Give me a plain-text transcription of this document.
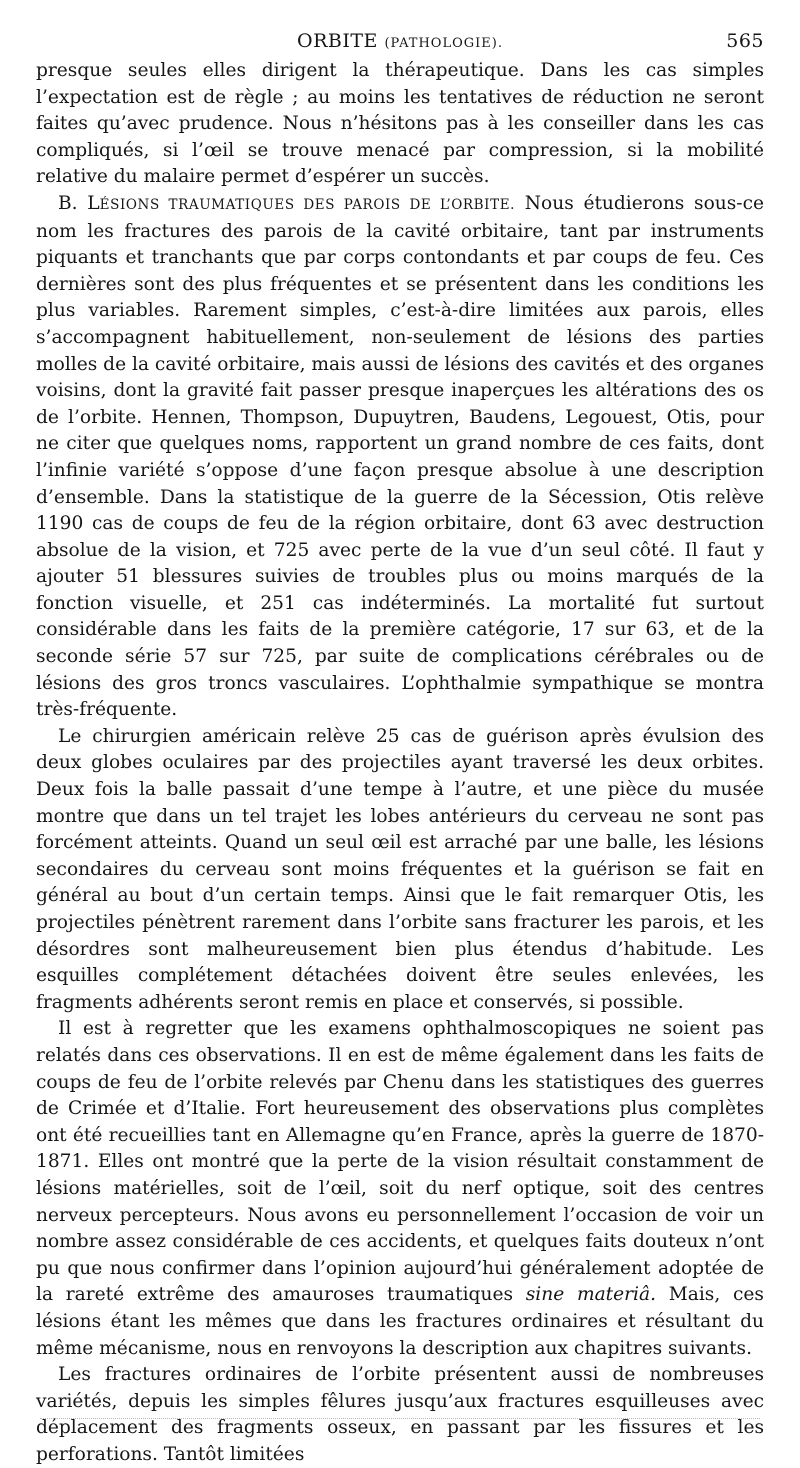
ORBITE (PATHOLOGIE).	565

presque seules elles dirigent la thérapeutique. Dans les cas simples l’expectation est de règle ; au moins les tentatives de réduction ne seront faites qu’avec prudence. Nous n’hésitons pas à les conseiller dans les cas compliqués, si l’œil se trouve menacé par compression, si la mobilité relative du malaire permet d’espérer un succès.

B. LÉSIONS TRAUMATIQUES DES PAROIS DE L’ORBITE. Nous étudierons sous-ce nom les fractures des parois de la cavité orbitaire, tant par instruments piquants et tranchants que par corps contondants et par coups de feu. Ces dernières sont des plus fréquentes et se présentent dans les conditions les plus variables. Rarement simples, c’est-à-dire limitées aux parois, elles s’accompagnent habituellement, non-seulement de lésions des parties molles de la cavité orbitaire, mais aussi de lésions des cavités et des organes voisins, dont la gravité fait passer presque inaperçues les altérations des os de l’orbite. Hennen, Thompson, Dupuytren, Baudens, Legouest, Otis, pour ne citer que quelques noms, rapportent un grand nombre de ces faits, dont l’infinie variété s’oppose d’une façon presque absolue à une description d’ensemble. Dans la statistique de la guerre de la Sécession, Otis relève 1190 cas de coups de feu de la région orbitaire, dont 63 avec destruction absolue de la vision, et 725 avec perte de la vue d’un seul côté. Il faut y ajouter 51 blessures suivies de troubles plus ou moins marqués de la fonction visuelle, et 251 cas indéterminés. La mortalité fut surtout considérable dans les faits de la première catégorie, 17 sur 63, et de la seconde série 57 sur 725, par suite de complications cérébrales ou de lésions des gros troncs vasculaires. L’ophthalmie sympathique se montra très-fréquente.

Le chirurgien américain relève 25 cas de guérison après évulsion des deux globes oculaires par des projectiles ayant traversé les deux orbites. Deux fois la balle passait d’une tempe à l’autre, et une pièce du musée montre que dans un tel trajet les lobes antérieurs du cerveau ne sont pas forcément atteints. Quand un seul œil est arraché par une balle, les lésions secondaires du cerveau sont moins fréquentes et la guérison se fait en général au bout d’un certain temps. Ainsi que le fait remarquer Otis, les projectiles pénètrent rarement dans l’orbite sans fracturer les parois, et les désordres sont malheureusement bien plus étendus d’habitude. Les esquilles complétement détachées doivent être seules enlevées, les fragments adhérents seront remis en place et conservés, si possible.

Il est à regretter que les examens ophthalmoscopiques ne soient pas relatés dans ces observations. Il en est de même également dans les faits de coups de feu de l’orbite relevés par Chenu dans les statistiques des guerres de Crimée et d’Italie. Fort heureusement des observations plus complètes ont été recueillies tant en Allemagne qu’en France, après la guerre de 1870-1871. Elles ont montré que la perte de la vision résultait constamment de lésions matérielles, soit de l’œil, soit du nerf optique, soit des centres nerveux percepteurs. Nous avons eu personnellement l’occasion de voir un nombre assez considérable de ces accidents, et quelques faits douteux n’ont pu que nous confirmer dans l’opinion aujourd’hui généralement adoptée de la rareté extrême des amauroses traumatiques sine materiâ. Mais, ces lésions étant les mêmes que dans les fractures ordinaires et résultant du même mécanisme, nous en renvoyons la description aux chapitres suivants.

Les fractures ordinaires de l’orbite présentent aussi de nombreuses variétés, depuis les simples fêlures jusqu’aux fractures esquilleuses avec déplacement des fragments osseux, en passant par les fissures et les perforations. Tantôt limitées
